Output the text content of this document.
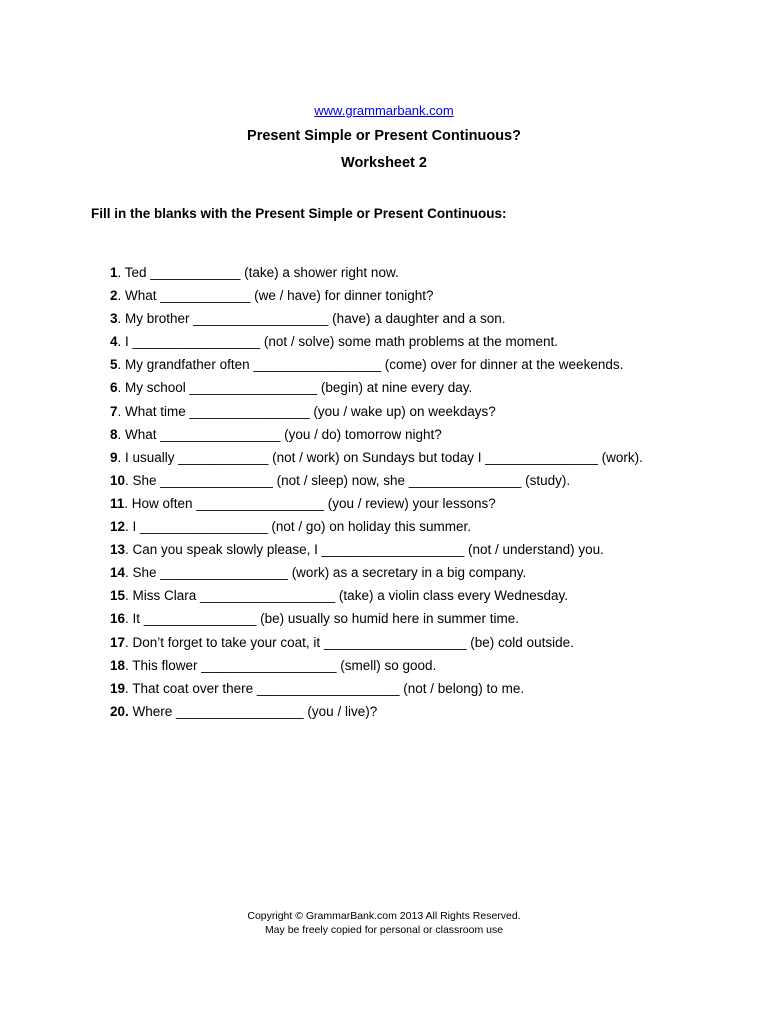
www.grammarbank.com
Present Simple or Present Continuous?
Worksheet 2
Fill in the blanks with the Present Simple or Present Continuous:
1. Ted ____________ (take) a shower right now.
2. What ____________ (we / have) for dinner tonight?
3. My brother __________________ (have) a daughter and a son.
4. I _________________ (not / solve) some math problems at the moment.
5. My grandfather often _________________ (come) over for dinner at the weekends.
6. My school _________________ (begin) at nine every day.
7. What time ________________ (you / wake up) on weekdays?
8. What ________________ (you / do) tomorrow night?
9. I usually ____________ (not / work) on Sundays but today I _______________ (work).
10. She _______________ (not / sleep) now, she _______________ (study).
11. How often _________________ (you / review) your lessons?
12. I _________________ (not / go) on holiday this summer.
13. Can you speak slowly please, I ___________________ (not / understand) you.
14. She _________________ (work) as a secretary in a big company.
15. Miss Clara __________________ (take) a violin class every Wednesday.
16. It _______________ (be) usually so humid here in summer time.
17. Don’t forget to take your coat, it ___________________ (be) cold outside.
18. This flower __________________ (smell) so good.
19. That coat over there ___________________ (not / belong) to me.
20. Where _________________ (you / live)?
Copyright © GrammarBank.com 2013 All Rights Reserved.
May be freely copied for personal or classroom use
